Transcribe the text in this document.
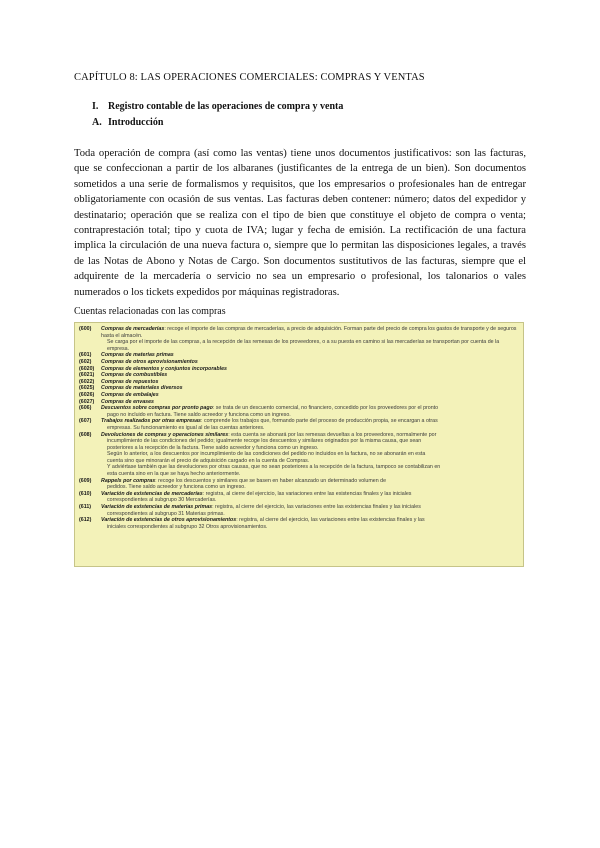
CAPÍTULO 8: LAS OPERACIONES COMERCIALES: COMPRAS Y VENTAS
I. Registro contable de las operaciones de compra y venta
A. Introducción

Toda operación de compra (así como las ventas) tiene unos documentos justificativos: son las facturas, que se confeccionan a partir de los albaranes (justificantes de la entrega de un bien). Son documentos sometidos a una serie de formalismos y requisitos, que los empresarios o profesionales han de entregar obligatoriamente con ocasión de sus ventas. Las facturas deben contener: número; datos del expedidor y destinatario; operación que se realiza con el tipo de bien que constituye el objeto de compra o venta; contraprestación total; tipo y cuota de IVA; lugar y fecha de emisión. La rectificación de una factura implica la circulación de una nueva factura o, siempre que lo permitan las disposiciones legales, a través de las Notas de Abono y Notas de Cargo. Son documentos sustitutivos de las facturas, siempre que el adquirente de la mercadería o servicio no sea un empresario o profesional, los talonarios o vales numerados o los tickets expedidos por máquinas registradoras.

Cuentas relacionadas con las compras
(600)	Compras de mercaderías: recoge el importe de las compras de mercaderías, a precio de adquisición. Forman parte del precio de compra los gastos de transporte y de seguros hasta el almacén.
Se carga por el importe de las compras, a la recepción de las remesas de los proveedores, o a su puesta en camino si las mercaderías se transportan por cuenta de la empresa.
(601)	Compras de materias primas
(602)	Compras de otros aprovisionamientos
(6020)	Compras de elementos y conjuntos incorporables
(6021)	Compras de combustibles
(6022)	Compras de repuestos
(6025)	Compras de materiales diversos
(6026)	Compras de embalajes
(6027)	Compras de envases
(606)	Descuentos sobre compras por pronto pago: se trata de un descuento comercial, no financiero, concedido por los proveedores por el pronto
pago no incluido en factura. Tiene saldo acreedor y funciona como un ingreso.
(607)	Trabajos realizados por otras empresas: comprende los trabajos que, formando parte del proceso de producción propia, se encargan a otras
empresas. Su funcionamiento es igual al de las cuentas anteriores.
(608)	Devoluciones de compras y operaciones similares: esta cuenta se abonará por las remesas devueltas a los proveedores, normalmente por
incumplimiento de las condiciones del pedido; igualmente recoge los descuentos y similares originados por la misma causa, que sean
posteriores a la recepción de la factura. Tiene saldo acreedor y funciona como un ingreso.
Según lo anterior, a los descuentos por incumplimiento de las condiciones del pedido no incluidos en la factura, no se abonarán en esta
cuenta sino que minorarán el precio de adquisición cargado en la cuenta de Compras.
Y adviértase también que las devoluciones por otras causas, que no sean posteriores a la recepción de la factura, tampoco se contabilizan en
esta cuenta sino en la que se haya hecho anteriormente.
(609)	Rappels por compras: recoge los descuentos y similares que se basen en haber alcanzado un determinado volumen de
pedidos. Tiene saldo acreedor y funciona como un ingreso.
(610)	Variación de existencias de mercaderías: registra, al cierre del ejercicio, las variaciones entre las existencias finales y las iniciales
correspondientes al subgrupo 30 Mercaderías.
(611)	Variación de existencias de materias primas: registra, al cierre del ejercicio, las variaciones entre las existencias finales y las iniciales
correspondientes al subgrupo 31 Materias primas.
(612)	Variación de existencias de otros aprovisionamientos: registra, al cierre del ejercicio, las variaciones entre las existencias finales y las
iniciales correspondientes al subgrupo 32 Otros aprovisionamientos.
